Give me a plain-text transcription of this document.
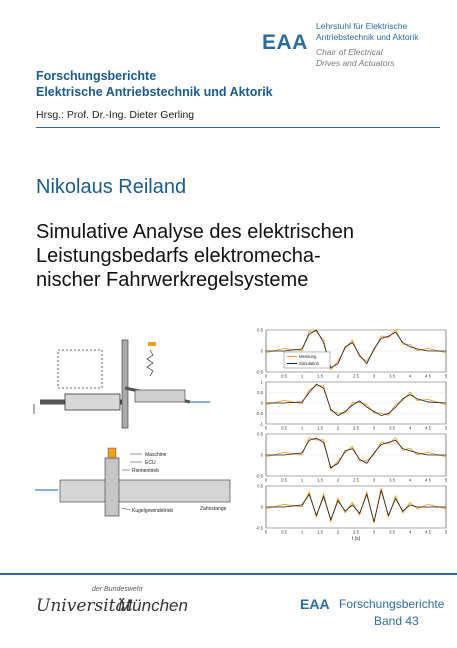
EAA
Lehrstuhl für Elektrische
Antriebstechnik und Aktorik
Chair of Electrical
Drives and Actuators
Forschungsberichte
Elektrische Antriebstechnik und Aktorik
Hrsg.: Prof. Dr.-Ing. Dieter Gerling
Nikolaus Reiland
Simulative Analyse des elektrischen
Leistungsbedarfs elektromecha-
nischer Fahrwerkregelsysteme
Maschine
ECU
Riementrieb
Kugelgewindetrieb	Zahnstange
0.5
0
-0.5
0	0.5	1	1.5	2	2.5	3	3.5	4	4.5	5
Messung
Simulation
1
0.5
0
-0.5
-1
0	0.5	1	1.5	2	2.5	3	3.5	4	4.5	5
0.5
0
-0.5
0	0.5	1	1.5	2	2.5	3	3.5	4	4.5	5
0.5
0
-0.5
0	0.5	1	1.5	2	2.5	3	3.5	4	4.5	5
t (s)
der Bundeswehr
Universität
München	EAA Forschungsberichte
Band 43
